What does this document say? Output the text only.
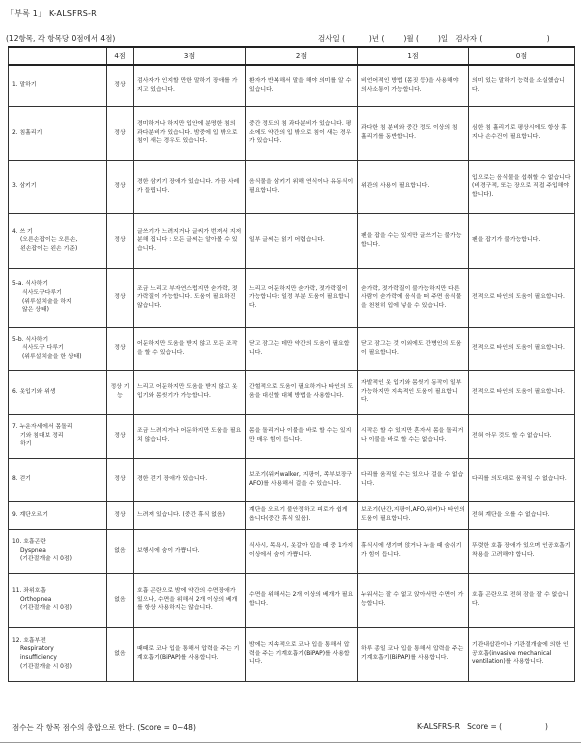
「부록 1」 K-ALSFRS-R
(12항목, 각 항목당 0점에서 4점)	검사일 (          )년 (        )월 (        )일   검사자 (                           )
	4점	3점	2점	1점	0점
1. 말하기	정상	검사자가 인지할 만한 말하기 장애를 가지고 있습니다.	환자가 반복해서 말을 해야 의미를 알 수 있습니다.	비언어적인 방법 (몸짓 등)을 사용해야 의사소통이 가능합니다.	의미 있는 말하기 능력을 소실했습니다.
2. 침흘리기	정상	경미하거나 하지만 입안에 분명한 침의 과다분비가 있습니다. 밤중에 입 밖으로 침이 새는 경우도 있습니다.	중간 정도의 침 과다분비가 있습니다. 평소에도 약간의 입 밖으로 침이 새는 경우가 있습니다.	과다한 침 분비와 중간 정도 이상의 침 흘리기를 동반합니다.	심한 침 흘리기로 평상시에도 항상 휴지나 손수건이 필요합니다.
3. 삼키기	정상	경한 삼키기 장애가 있습니다. 가끔 사레가 들립니다.	음식물을 삼키기 위해 연식이나 유동식이 필요합니다.	위관의 사용이 필요합니다.	입으로는 음식물을 섭취할 수 없습니다(비경구적, 또는 장으로 직접 주입해야 합니다).
4. 쓰 기
(오른손잡이는 오른손,
왼손잡이는 왼손 기준)	정상	글쓰기가 느려지거나 글씨가 번져서 지저분해 집니다 : 모든 글씨는 알아볼 수 있습니다.	일부 글씨는 읽기 어렵습니다.	펜을 잡을 수는 있지만 글쓰기는 불가능합니다.	펜을 잡기가 불가능합니다.
5-a. 식사하기
식사도구다루기
(위루설치술을 하지
않은 상태)	정상	조금 느리고 부자연스럽지만 숟가락, 젓가락질이 가능합니다. 도움이 필요하진 않습니다.	느리고 어둔하지만 숟가락, 젓가락질이 가능합니다: 일정 부분 도움이 필요합니다.	숟가락, 젓가락질이 불가능하지만 다른 사람이 숟가락에 음식을 떠 주면 음식물을 천천히 입에 넣을 수 있습니다.	전적으로 타인의 도움이 필요합니다.
5-b. 식사하기
식사도구 다루기
(위루설치술을 한 상태)	정상	어둔하지만 도움을 받지 않고 모든 조작을 할 수 있습니다.	닫고 잠그는 데만 약간의 도움이 필요합니다.	닫고 잠그는 것 이외에도 간병인의 도움이 필요합니다.	전적으로 타인의 도움이 필요합니다.
6. 옷입기와 위생	정상 기능	느리고 어둔하지만 도움을 받지 않고 옷 입기와 몸씻기가 가능합니다.	간헐적으로 도움이 필요하거나 타인의 도움을 대신할 대체 방법을 사용합니다.	자발적인 옷 입기와 몸씻기 동작이 일부 가능하지만 지속적인 도움이 필요합니다.	전적으로 타인의 도움이 필요합니다.
7. 누운자세에서 몸돌리
기와 침대보 정리
하기	정상	조금 느려지거나 어둔하지만 도움을 필요치 않습니다.	몸을 돌리거나 이불을 바로 할 수는 있지만 매우 힘이 듭니다.	시작은 할 수 있지만 혼자서 몸을 돌리거나 이불을 바로 할 수는 없습니다.	전혀 아무 것도 할 수 없습니다.
8. 걷기	정상	경한 걷기 장애가 있습니다.	보조기(워커walker, 지팡이, 족부보장구AFO)를 사용해서 걸을 수 있습니다.	다리를 움직일 수는 있으나 걸을 수 없습니다.	다리를 의도대로 움직일 수 없습니다.
9. 계단오르기	정상	느려져 있습니다. (중간 휴식 없음)	계단을 오르기 불안정하고 피로가 쉽게 옵니다(중간 휴식 있음).	보조기(난간,지팡이,AFO,워커)나 타인의 도움이 필요합니다.	전혀 계단을 오를 수 없습니다.
10. 호흡곤란
Dyspnea
(기관절개술 시 0점)	없음	보행시에 숨이 가쁩니다.	식사시, 목욕시, 옷갈아 입을 때 중 1가지 이상에서 숨이 가쁩니다.	휴식시에 생기며 앉거나 누울 때 숨쉬기가 힘이 듭니다.	뚜렷한 호흡 장애가 있으며 인공호흡기 착용을 고려해야 합니다.
11. 좌위호흡
Orthopnea
(기관절개술 시 0점)	없음	호흡 곤란으로 밤에 약간의 수면장애가 있으나, 수면을 위해서 2개 이상의 베개를 항상 사용하지는 않습니다.	수면을 위해서는 2개 이상의 베개가 필요합니다.	누워서는 잘 수 없고 앉아서만 수면이 가능합니다.	호흡 곤란으로 전혀 잠을 잘 수 없습니다.
12. 호흡부전
Respiratory
insufficiency
(기관절개술 시 0점)	없음	때때로 코나 입을 통해서 압력을 주는 기계호흡기(BiPAP)를 사용합니다.	밤에는 지속적으로 코나 입을 통해서 압력을 주는 기계호흡기(BiPAP)를 사용합니다.	하루 종일 코나 입을 통해서 압력을 주는 기계호흡기(BiPAP)를 사용합니다.	기관내삽관이나 기관절개술에 의한 인공호흡(invasive mechanical ventilation)를 사용합니다.
점수는 각 항목 점수의 총합으로 한다. (Score = 0~48)	K-ALSFRS-R   Score = (                  )
